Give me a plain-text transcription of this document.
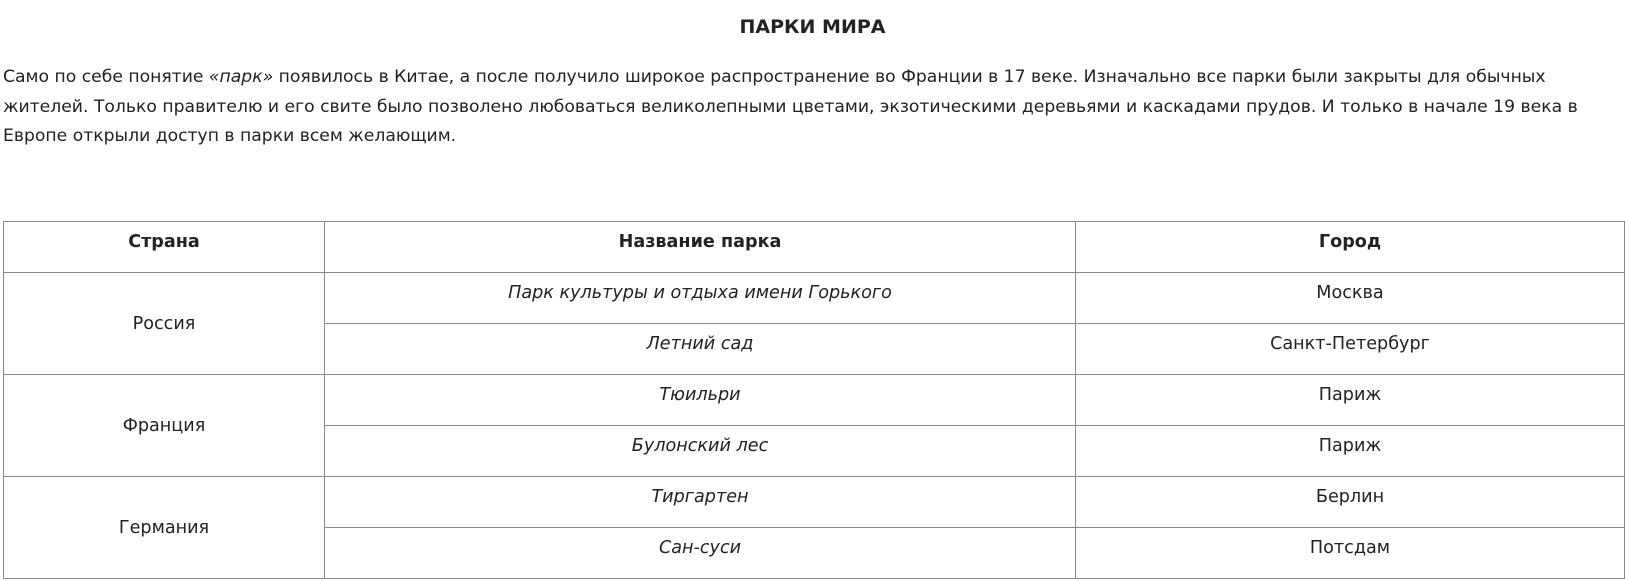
ПАРКИ МИРА

Само по себе понятие «парк» появилось в Китае, а после получило широкое распространение во Франции в 17 веке. Изначально все парки были закрыты для обычных жителей. Только правителю и его свите было позволено любоваться великолепными цветами, экзотическими деревьями и каскадами прудов. И только в начале 19 века в Европе открыли доступ в парки всем желающим.

Страна	Название парка	Город
Россия	Парк культуры и отдыха имени Горького	Москва
	Летний сад	Санкт-Петербург
Франция	Тюильри	Париж
	Булонский лес	Париж
Германия	Тиргартен	Берлин
	Сан-суси	Потсдам
